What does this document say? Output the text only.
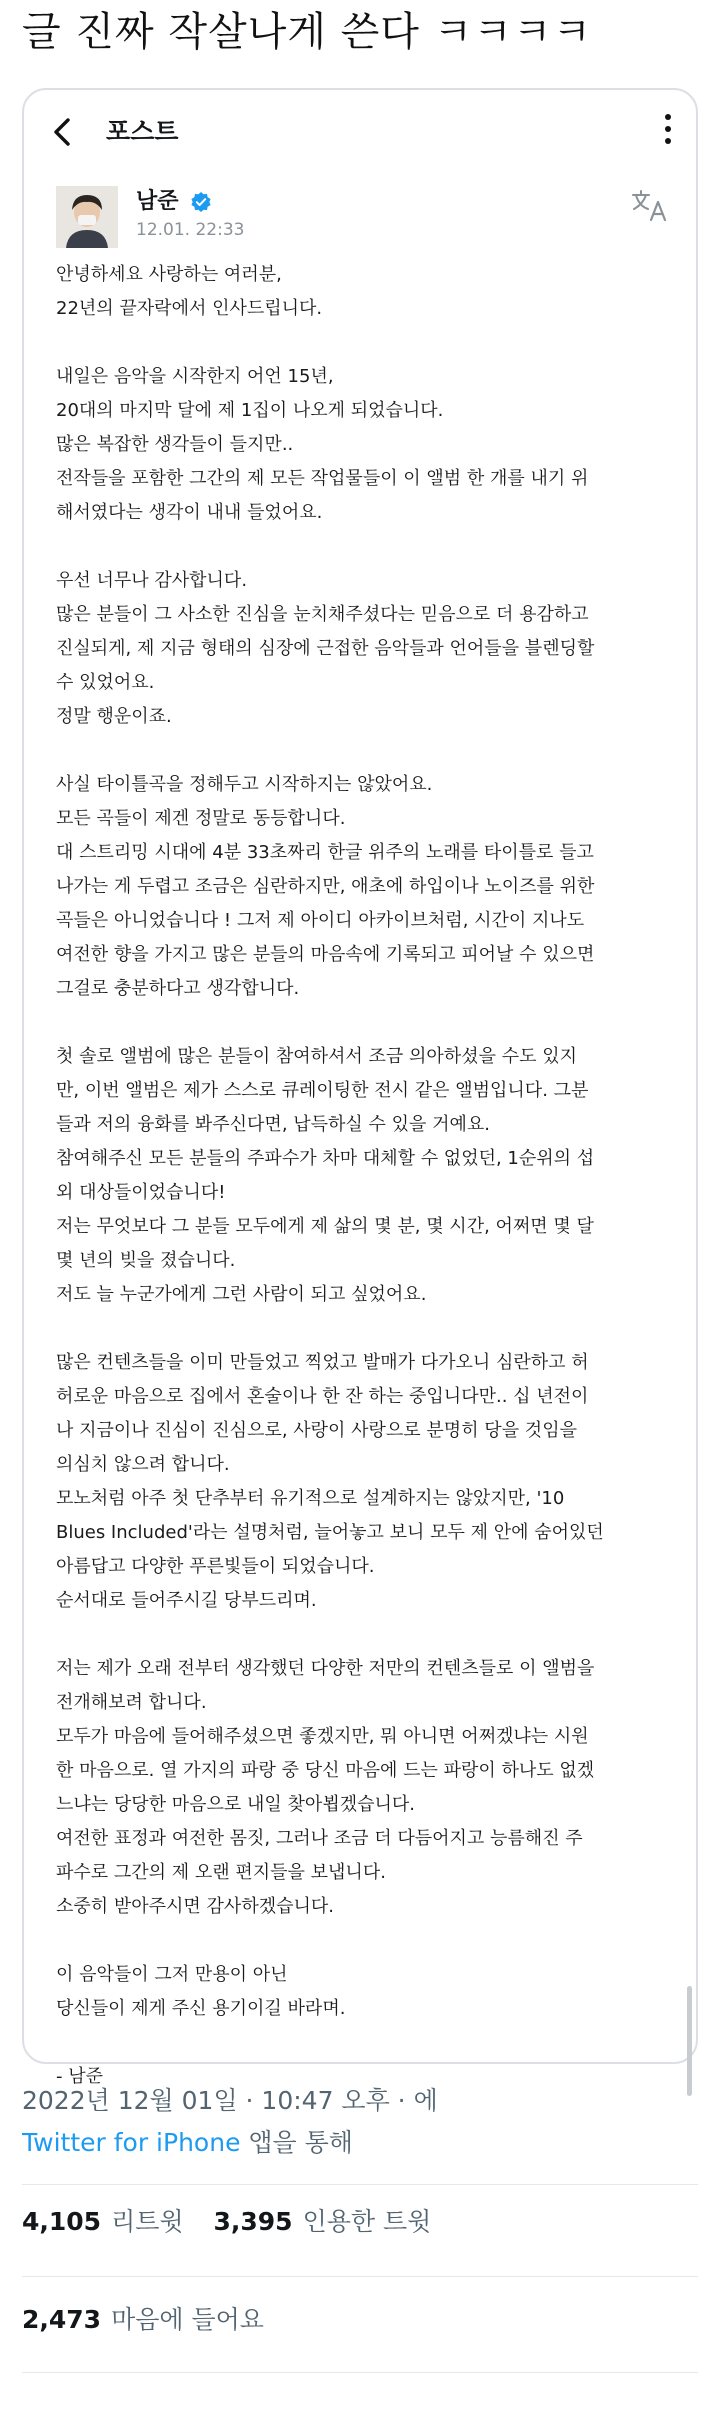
글 진짜 작살나게 쓴다 ㅋㅋㅋㅋ
포스트
남준
12.01. 22:33
안녕하세요 사랑하는 여러분,
22년의 끝자락에서 인사드립니다.
내일은 음악을 시작한지 어언 15년,
20대의 마지막 달에 제 1집이 나오게 되었습니다.
많은 복잡한 생각들이 들지만..
전작들을 포함한 그간의 제 모든 작업물들이 이 앨범 한 개를 내기 위
해서였다는 생각이 내내 들었어요.
우선 너무나 감사합니다.
많은 분들이 그 사소한 진심을 눈치채주셨다는 믿음으로 더 용감하고
진실되게, 제 지금 형태의 심장에 근접한 음악들과 언어들을 블렌딩할
수 있었어요.
정말 행운이죠.
사실 타이틀곡을 정해두고 시작하지는 않았어요.
모든 곡들이 제겐 정말로 동등합니다.
대 스트리밍 시대에 4분 33초짜리 한글 위주의 노래를 타이틀로 들고
나가는 게 두렵고 조금은 심란하지만, 애초에 하입이나 노이즈를 위한
곡들은 아니었습니다 ! 그저 제 아이디 아카이브처럼, 시간이 지나도
여전한 향을 가지고 많은 분들의 마음속에 기록되고 피어날 수 있으면
그걸로 충분하다고 생각합니다.
첫 솔로 앨범에 많은 분들이 참여하셔서 조금 의아하셨을 수도 있지
만, 이번 앨범은 제가 스스로 큐레이팅한 전시 같은 앨범입니다. 그분
들과 저의 융화를 봐주신다면, 납득하실 수 있을 거예요.
참여해주신 모든 분들의 주파수가 차마 대체할 수 없었던, 1순위의 섭
외 대상들이었습니다!
저는 무엇보다 그 분들 모두에게 제 삶의 몇 분, 몇 시간, 어쩌면 몇 달
몇 년의 빚을 졌습니다.
저도 늘 누군가에게 그런 사람이 되고 싶었어요.
많은 컨텐츠들을 이미 만들었고 찍었고 발매가 다가오니 심란하고 허
허로운 마음으로 집에서 혼술이나 한 잔 하는 중입니다만.. 십 년전이
나 지금이나 진심이 진심으로, 사랑이 사랑으로 분명히 당을 것임을
의심치 않으려 합니다.
모노처럼 아주 첫 단추부터 유기적으로 설계하지는 않았지만, '10
Blues Included'라는 설명처럼, 늘어놓고 보니 모두 제 안에 숨어있던
아름답고 다양한 푸른빛들이 되었습니다.
순서대로 들어주시길 당부드리며.
저는 제가 오래 전부터 생각했던 다양한 저만의 컨텐츠들로 이 앨범을
전개해보려 합니다.
모두가 마음에 들어해주셨으면 좋겠지만, 뭐 아니면 어쩌겠냐는 시원
한 마음으로. 열 가지의 파랑 중 당신 마음에 드는 파랑이 하나도 없겠
느냐는 당당한 마음으로 내일 찾아뵙겠습니다.
여전한 표정과 여전한 몸짓, 그러나 조금 더 다듬어지고 능름해진 주
파수로 그간의 제 오랜 편지들을 보냅니다.
소중히 받아주시면 감사하겠습니다.
이 음악들이 그저 만용이 아닌
당신들이 제게 주신 용기이길 바라며.
- 남준
2022년 12월 01일 · 10:47 오후 · 에
Twitter for iPhone 앱을 통해
4,105 리트윗 3,395 인용한 트윗
2,473 마음에 들어요
